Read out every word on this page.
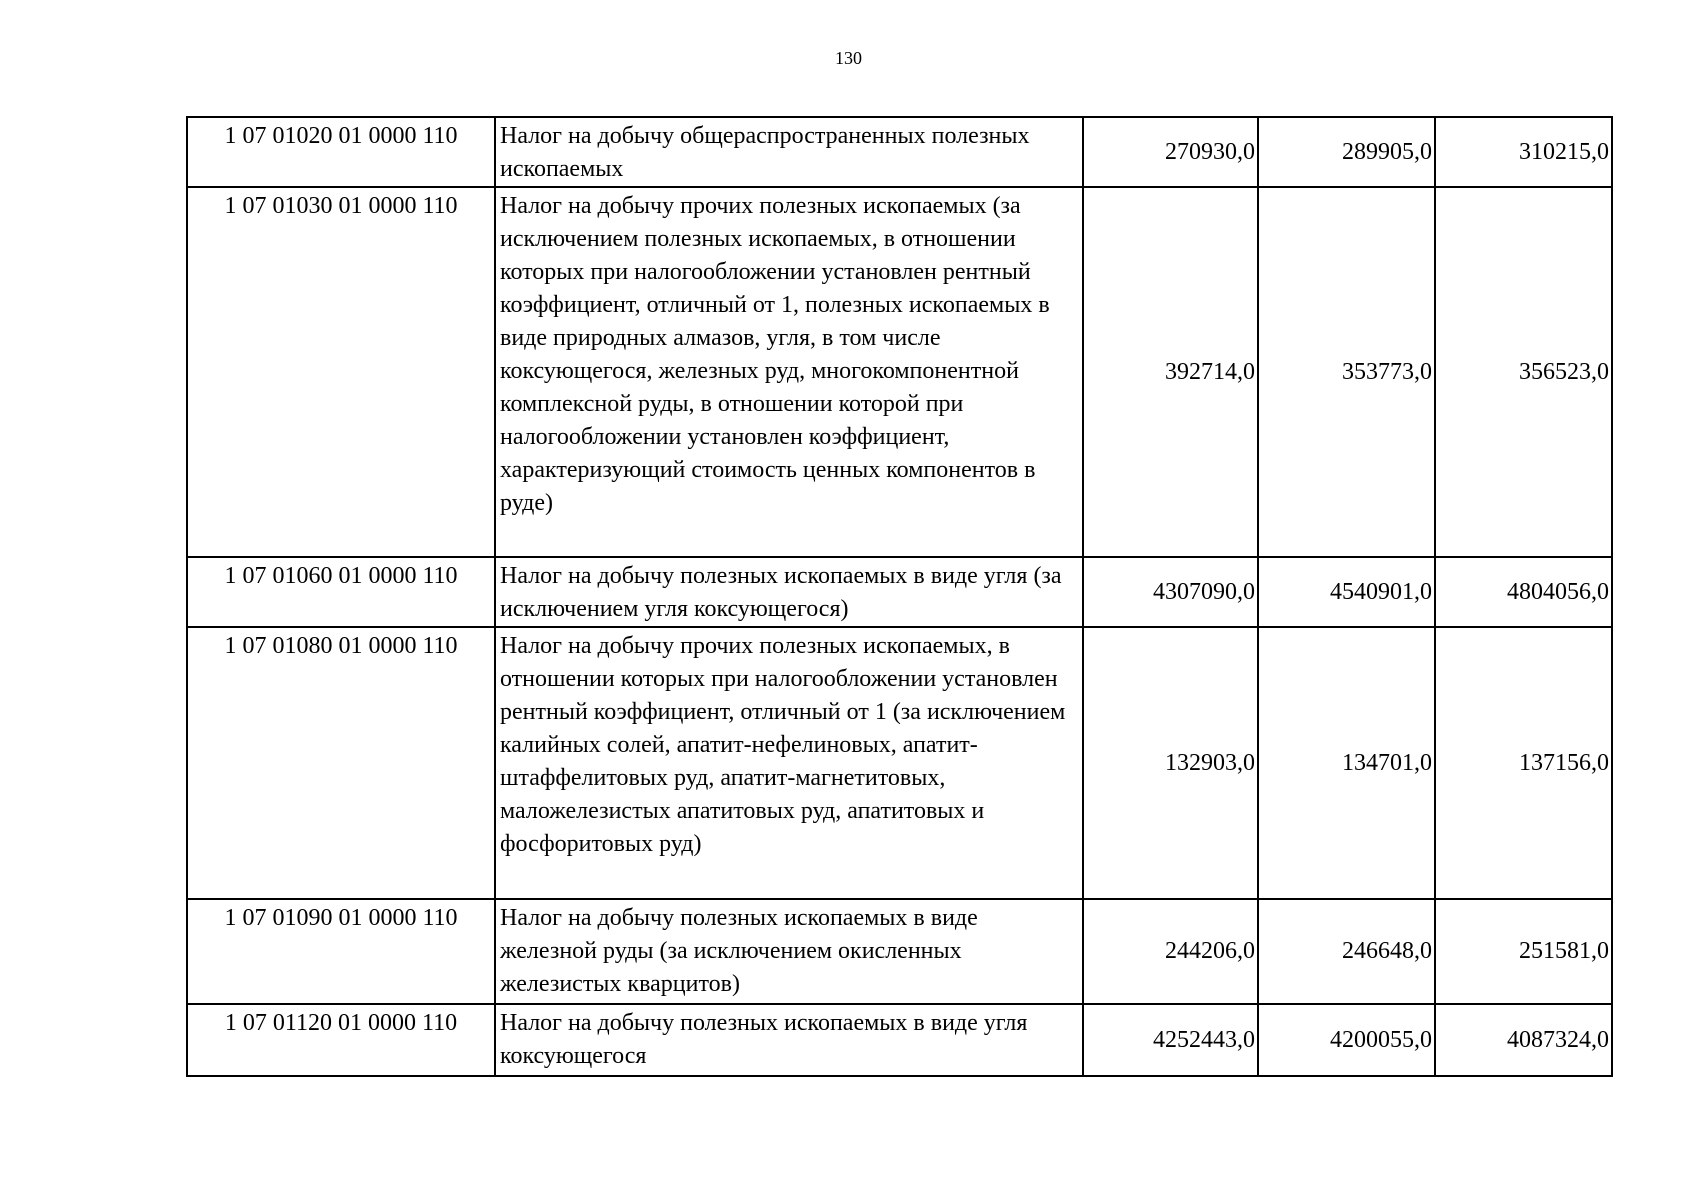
130
1 07 01020 01 0000 110	Налог на добычу общераспространенных полезных ископаемых	270930,0	289905,0	310215,0
1 07 01030 01 0000 110	Налог на добычу прочих полезных ископаемых (за исключением полезных ископаемых, в отношении которых при налогообложении установлен рентный коэффициент, отличный от 1, полезных ископаемых в виде природных алмазов, угля, в том числе коксующегося, железных руд, многокомпонентной комплексной руды, в отношении которой при налогообложении установлен коэффициент, характеризующий стоимость ценных компонентов в руде)	392714,0	353773,0	356523,0
1 07 01060 01 0000 110	Налог на добычу полезных ископаемых в виде угля (за исключением угля коксующегося)	4307090,0	4540901,0	4804056,0
1 07 01080 01 0000 110	Налог на добычу прочих полезных ископаемых, в отношении которых при налогообложении установлен рентный коэффициент, отличный от 1 (за исключением калийных солей, апатит-нефелиновых, апатит-штаффелитовых руд, апатит-магнетитовых, маложелезистых апатитовых руд, апатитовых и фосфоритовых руд)	132903,0	134701,0	137156,0
1 07 01090 01 0000 110	Налог на добычу полезных ископаемых в виде железной руды (за исключением окисленных железистых кварцитов)	244206,0	246648,0	251581,0
1 07 01120 01 0000 110	Налог на добычу полезных ископаемых в виде угля коксующегося	4252443,0	4200055,0	4087324,0
